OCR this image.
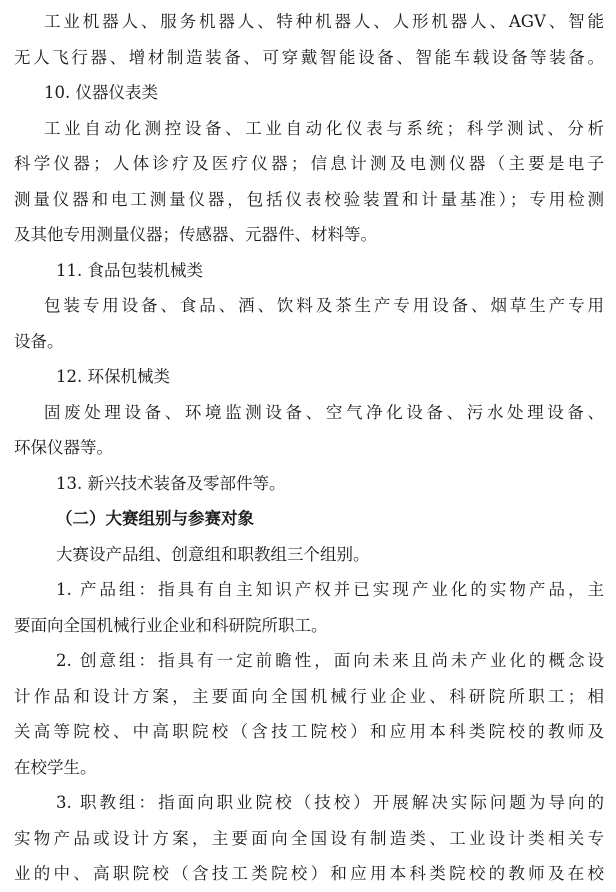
工业机器人、服务机器人、特种机器人、人形机器人、AGV、智能
无人飞行器、增材制造装备、可穿戴智能设备、智能车载设备等装备。
10. 仪器仪表类
工业自动化测控设备、工业自动化仪表与系统；科学测试、分析
科学仪器；人体诊疗及医疗仪器；信息计测及电测仪器（主要是电子
测量仪器和电工测量仪器，包括仪表校验装置和计量基准）；专用检测
及其他专用测量仪器；传感器、元器件、材料等。
11. 食品包装机械类
包装专用设备、食品、酒、饮料及茶生产专用设备、烟草生产专用
设备。
12. 环保机械类
固废处理设备、环境监测设备、空气净化设备、污水处理设备、
环保仪器等。
13. 新兴技术装备及零部件等。
（二）大赛组别与参赛对象
大赛设产品组、创意组和职教组三个组别。
1. 产品组：指具有自主知识产权并已实现产业化的实物产品，主
要面向全国机械行业企业和科研院所职工。
2. 创意组：指具有一定前瞻性，面向未来且尚未产业化的概念设
计作品和设计方案，主要面向全国机械行业企业、科研院所职工；相
关高等院校、中高职院校（含技工院校）和应用本科类院校的教师及
在校学生。
3. 职教组：指面向职业院校（技校）开展解决实际问题为导向的
实物产品或设计方案，主要面向全国设有制造类、工业设计类相关专
业的中、高职院校（含技工类院校）和应用本科类院校的教师及在校
